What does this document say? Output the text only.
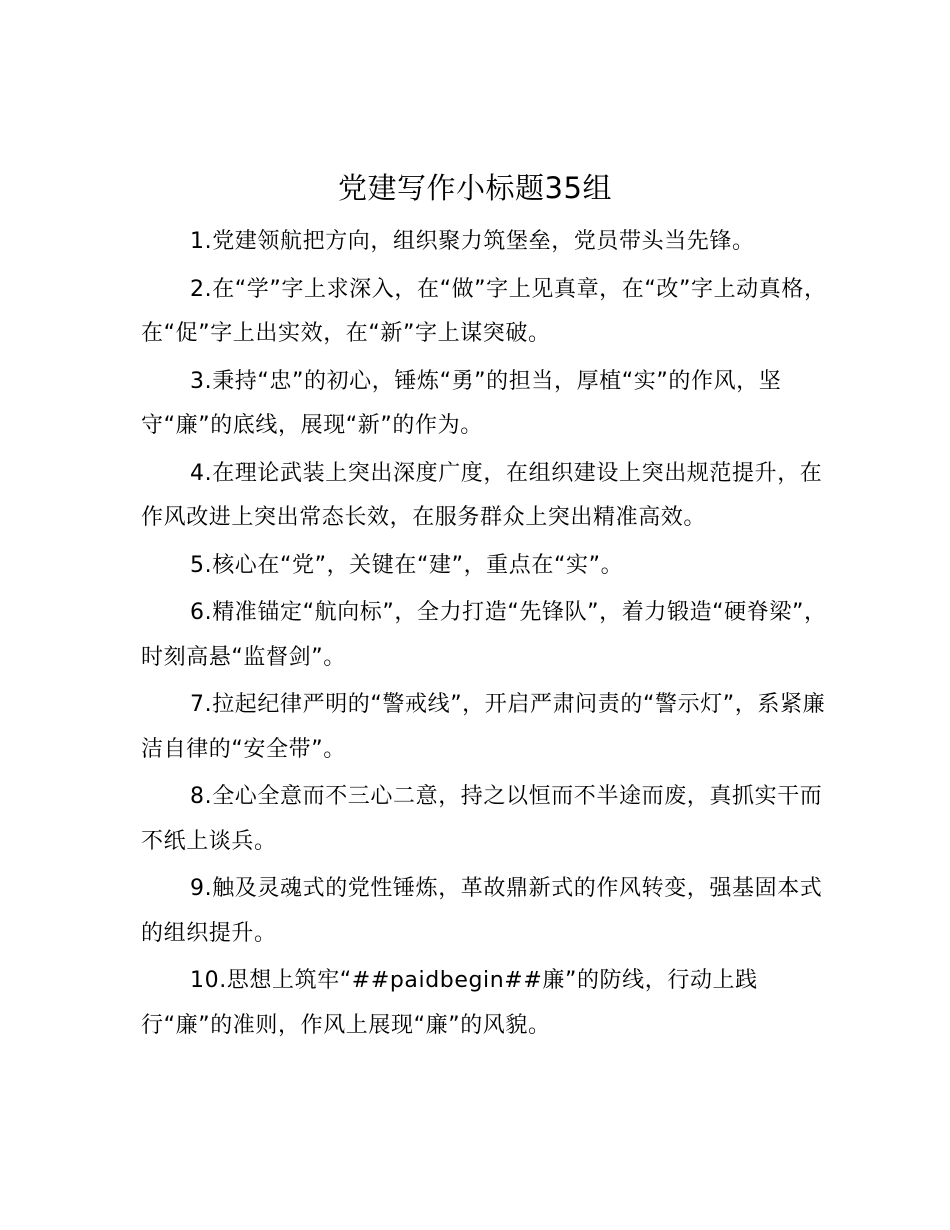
党建写作小标题35组

1.党建领航把方向，组织聚力筑堡垒，党员带头当先锋。

2.在“学”字上求深入，在“做”字上见真章，在“改”字上动真格，在“促”字上出实效，在“新”字上谋突破。

3.秉持“忠”的初心，锤炼“勇”的担当，厚植“实”的作风，坚守“廉”的底线，展现“新”的作为。

4.在理论武装上突出深度广度，在组织建设上突出规范提升，在作风改进上突出常态长效，在服务群众上突出精准高效。

5.核心在“党”，关键在“建”，重点在“实”。

6.精准锚定“航向标”，全力打造“先锋队”，着力锻造“硬脊梁”，时刻高悬“监督剑”。

7.拉起纪律严明的“警戒线”，开启严肃问责的“警示灯”，系紧廉洁自律的“安全带”。

8.全心全意而不三心二意，持之以恒而不半途而废，真抓实干而不纸上谈兵。

9.触及灵魂式的党性锤炼，革故鼎新式的作风转变，强基固本式的组织提升。

10.思想上筑牢“##paidbegin##廉”的防线，行动上践行“廉”的准则，作风上展现“廉”的风貌。
